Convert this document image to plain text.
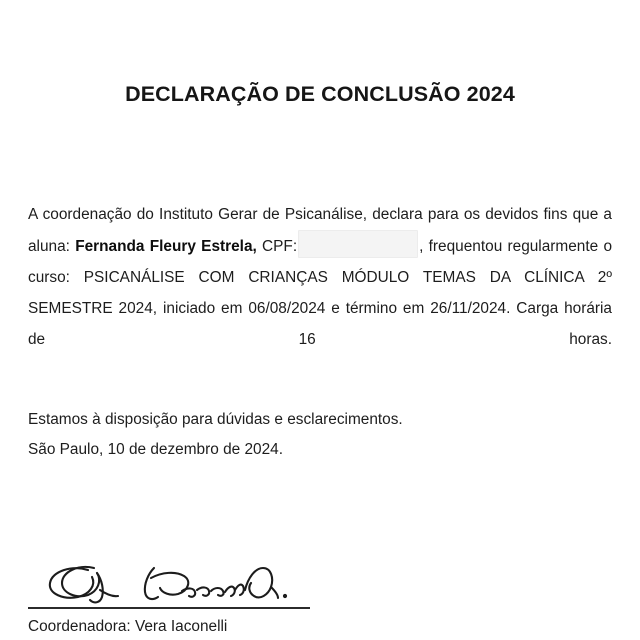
DECLARAÇÃO DE CONCLUSÃO 2024

A coordenação do Instituto Gerar de Psicanálise, declara para os devidos fins que a aluna: Fernanda Fleury Estrela, CPF:	, frequentou regularmente o curso: PSICANÁLISE COM CRIANÇAS MÓDULO TEMAS DA CLÍNICA 2º SEMESTRE 2024, iniciado em 06/08/2024 e término em 26/11/2024. Carga horária de 16 horas.

Estamos à disposição para dúvidas e esclarecimentos.

São Paulo, 10 de dezembro de 2024.
Coordenadora: Vera Iaconelli
